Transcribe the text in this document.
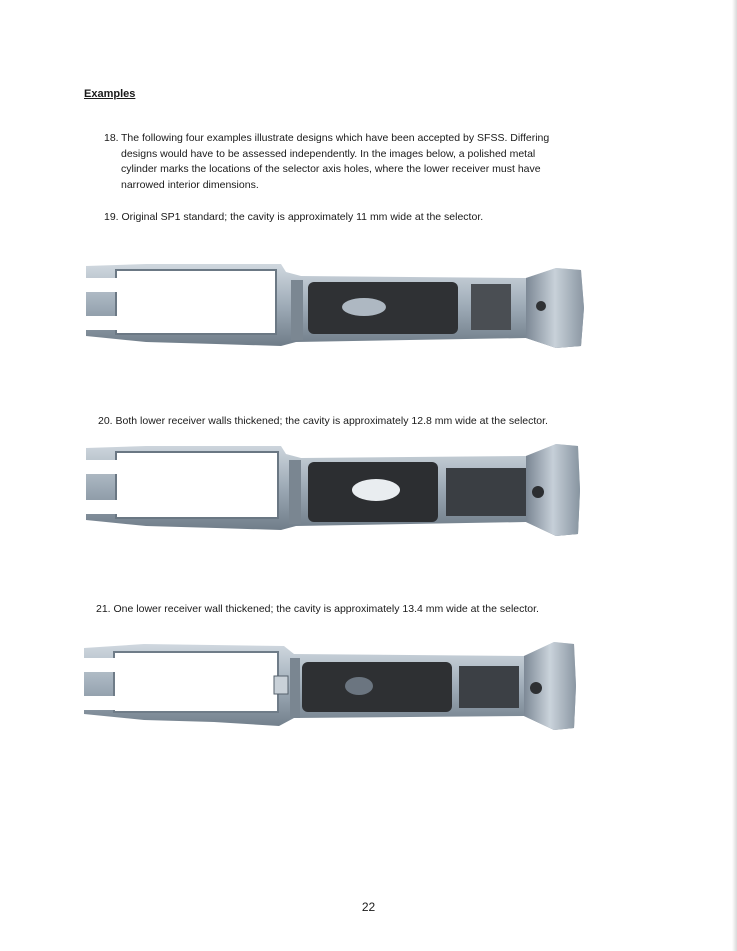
Examples
18. The following four examples illustrate designs which have been accepted by SFSS. Differing
designs would have to be assessed independently. In the images below, a polished metal
cylinder marks the locations of the selector axis holes, where the lower receiver must have
narrowed interior dimensions.
19. Original SP1 standard; the cavity is approximately 11 mm wide at the selector.
20. Both lower receiver walls thickened; the cavity is approximately 12.8 mm wide at the selector.
21. One lower receiver wall thickened; the cavity is approximately 13.4 mm wide at the selector.
22
